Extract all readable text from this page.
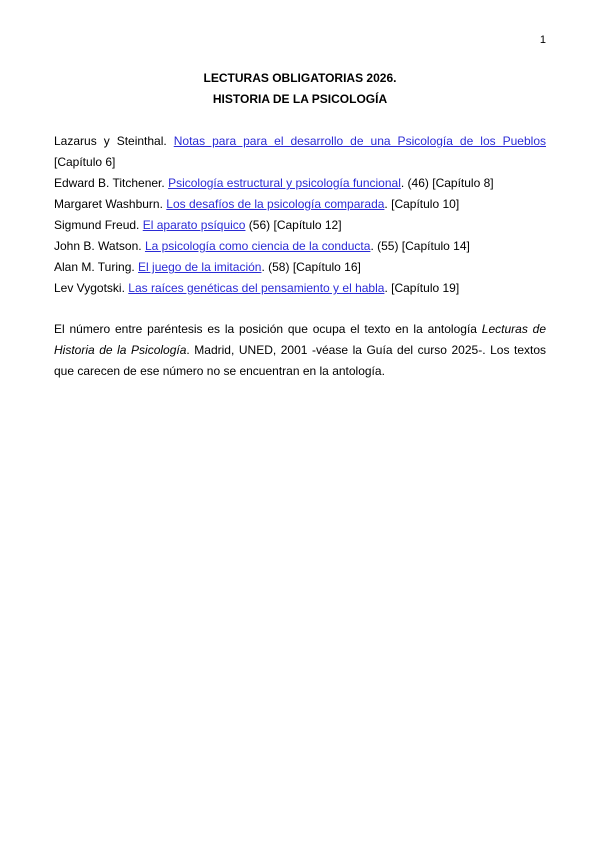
1
LECTURAS OBLIGATORIAS 2026.
HISTORIA DE LA PSICOLOGÍA
Lazarus y Steinthal. Notas para para el desarrollo de una Psicología de los Pueblos [Capítulo 6]
Edward B. Titchener. Psicología estructural y psicología funcional. (46) [Capítulo 8]
Margaret Washburn. Los desafíos de la psicología comparada. [Capítulo 10]
Sigmund Freud. El aparato psíquico (56) [Capítulo 12]
John B. Watson. La psicología como ciencia de la conducta. (55) [Capítulo 14]
Alan M. Turing. El juego de la imitación. (58) [Capítulo 16]
Lev Vygotski. Las raíces genéticas del pensamiento y el habla. [Capítulo 19]

El número entre paréntesis es la posición que ocupa el texto en la antología Lecturas de Historia de la Psicología. Madrid, UNED, 2001 -véase la Guía del curso 2025-. Los textos que carecen de ese número no se encuentran en la antología.
